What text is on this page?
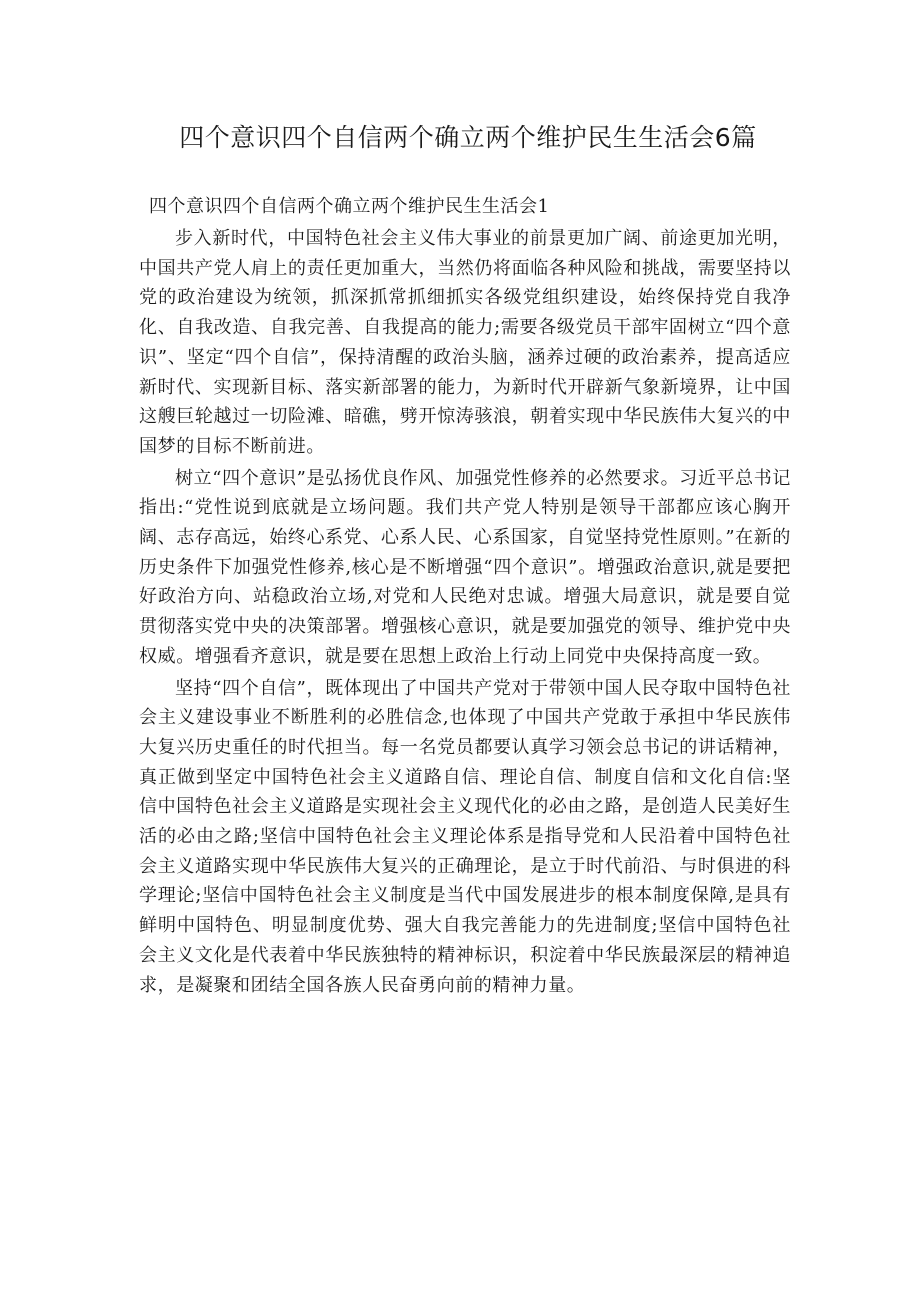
四个意识四个自信两个确立两个维护民生生活会6篇
四个意识四个自信两个确立两个维护民生生活会1

步入新时代，中国特色社会主义伟大事业的前景更加广阔、前途更加光明，中国共产党人肩上的责任更加重大，当然仍将面临各种风险和挑战，需要坚持以党的政治建设为统领，抓深抓常抓细抓实各级党组织建设，始终保持党自我净化、自我改造、自我完善、自我提高的能力;需要各级党员干部牢固树立“四个意识”、坚定“四个自信”，保持清醒的政治头脑，涵养过硬的政治素养，提高适应新时代、实现新目标、落实新部署的能力，为新时代开辟新气象新境界，让中国这艘巨轮越过一切险滩、暗礁，劈开惊涛骇浪，朝着实现中华民族伟大复兴的中国梦的目标不断前进。

树立“四个意识”是弘扬优良作风、加强党性修养的必然要求。习近平总书记指出:“党性说到底就是立场问题。我们共产党人特别是领导干部都应该心胸开阔、志存高远，始终心系党、心系人民、心系国家，自觉坚持党性原则。”在新的历史条件下加强党性修养,核心是不断增强“四个意识”。增强政治意识,就是要把好政治方向、站稳政治立场,对党和人民绝对忠诚。增强大局意识，就是要自觉贯彻落实党中央的决策部署。增强核心意识，就是要加强党的领导、维护党中央权威。增强看齐意识，就是要在思想上政治上行动上同党中央保持高度一致。

坚持“四个自信”，既体现出了中国共产党对于带领中国人民夺取中国特色社会主义建设事业不断胜利的必胜信念,也体现了中国共产党敢于承担中华民族伟大复兴历史重任的时代担当。每一名党员都要认真学习领会总书记的讲话精神，真正做到坚定中国特色社会主义道路自信、理论自信、制度自信和文化自信:坚信中国特色社会主义道路是实现社会主义现代化的必由之路，是创造人民美好生活的必由之路;坚信中国特色社会主义理论体系是指导党和人民沿着中国特色社会主义道路实现中华民族伟大复兴的正确理论，是立于时代前沿、与时俱进的科学理论;坚信中国特色社会主义制度是当代中国发展进步的根本制度保障,是具有鲜明中国特色、明显制度优势、强大自我完善能力的先进制度;坚信中国特色社会主义文化是代表着中华民族独特的精神标识，积淀着中华民族最深层的精神追求，是凝聚和团结全国各族人民奋勇向前的精神力量。
